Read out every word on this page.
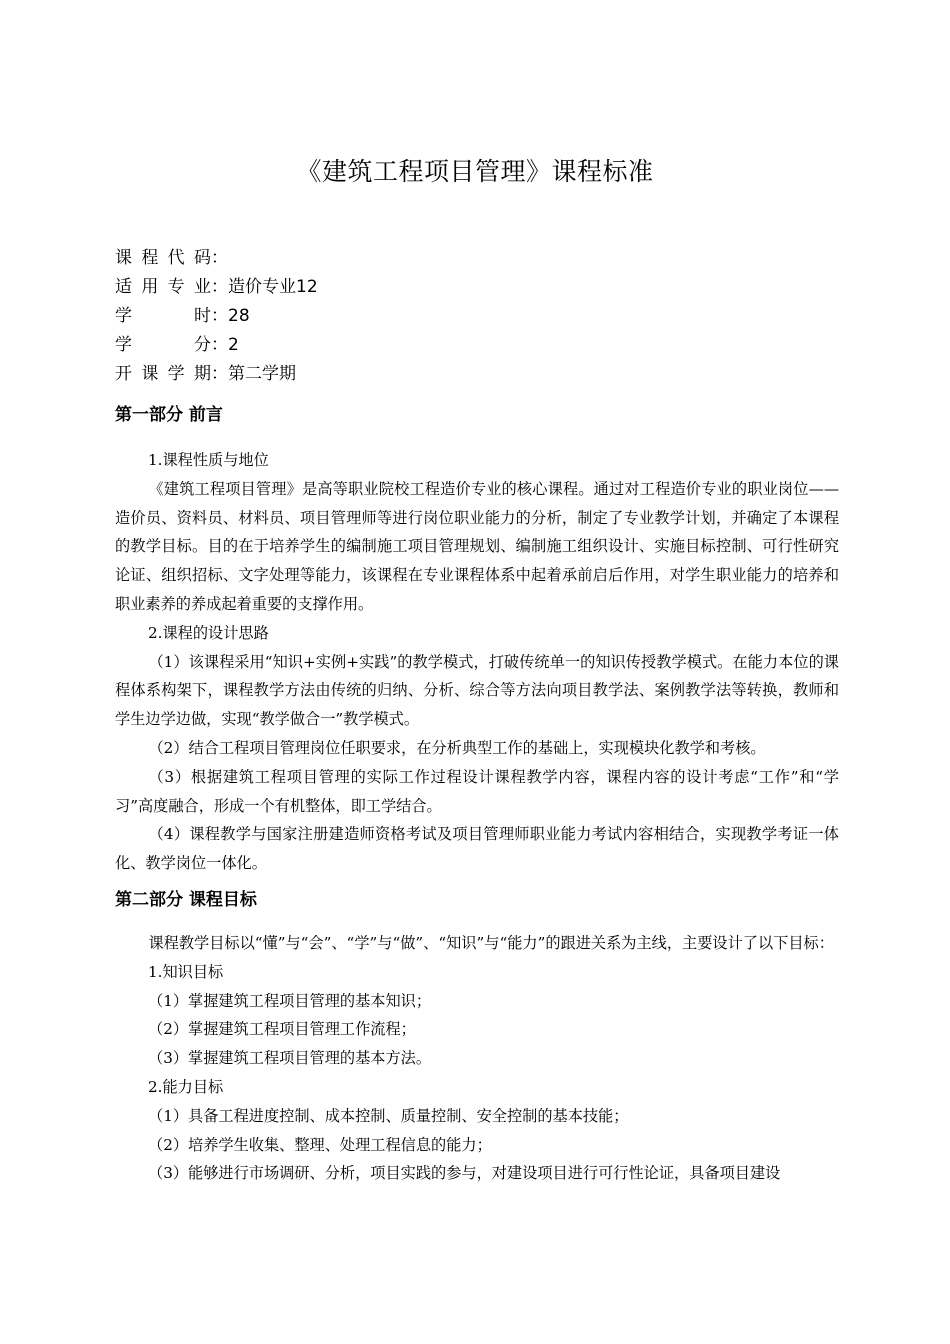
《建筑工程项目管理》课程标准
课程代码：
适用专业：造价专业12
学　时：28
学　分：2
开课学期：第二学期
第一部分 前言

1.课程性质与地位

《建筑工程项目管理》是高等职业院校工程造价专业的核心课程。通过对工程造价专业的职业岗位——造价员、资料员、材料员、项目管理师等进行岗位职业能力的分析，制定了专业教学计划，并确定了本课程的教学目标。目的在于培养学生的编制施工项目管理规划、编制施工组织设计、实施目标控制、可行性研究论证、组织招标、文字处理等能力，该课程在专业课程体系中起着承前启后作用，对学生职业能力的培养和职业素养的养成起着重要的支撑作用。

2.课程的设计思路

（1）该课程采用“知识+实例+实践”的教学模式，打破传统单一的知识传授教学模式。在能力本位的课程体系构架下，课程教学方法由传统的归纳、分析、综合等方法向项目教学法、案例教学法等转换，教师和学生边学边做，实现“教学做合一”教学模式。

（2）结合工程项目管理岗位任职要求，在分析典型工作的基础上，实现模块化教学和考核。

（3）根据建筑工程项目管理的实际工作过程设计课程教学内容，课程内容的设计考虑“工作”和“学习”高度融合，形成一个有机整体，即工学结合。

（4）课程教学与国家注册建造师资格考试及项目管理师职业能力考试内容相结合，实现教学考证一体化、教学岗位一体化。

第二部分 课程目标

课程教学目标以“懂”与“会”、“学”与“做”、“知识”与“能力”的跟进关系为主线，主要设计了以下目标：

1.知识目标

（1）掌握建筑工程项目管理的基本知识；

（2）掌握建筑工程项目管理工作流程；

（3）掌握建筑工程项目管理的基本方法。

2.能力目标

（1）具备工程进度控制、成本控制、质量控制、安全控制的基本技能；

（2）培养学生收集、整理、处理工程信息的能力；

（3）能够进行市场调研、分析，项目实践的参与，对建设项目进行可行性论证，具备项目建设
